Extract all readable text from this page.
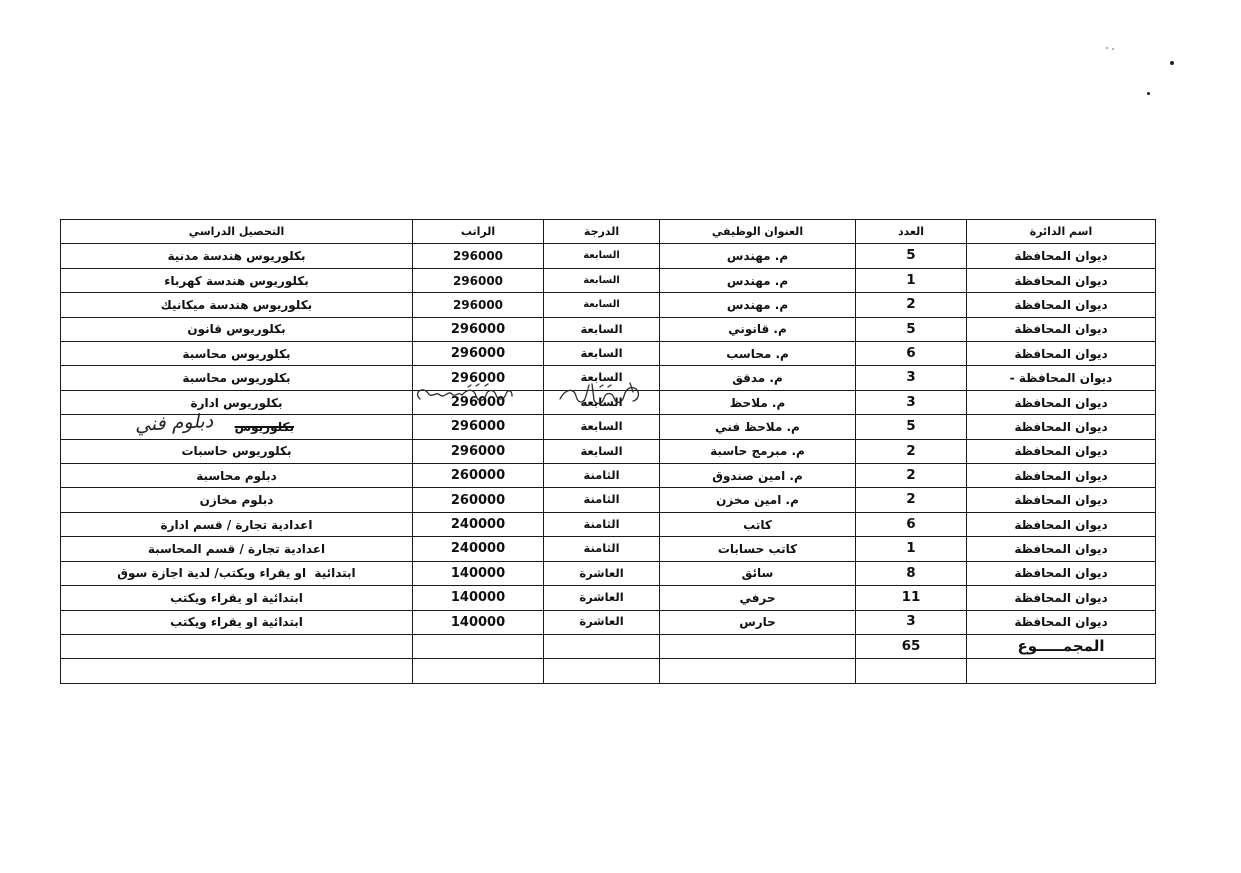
اسم الدائرة	العدد	العنوان الوظيفي	الدرجة	الراتب	التحصيل الدراسي
ديوان المحافظة	5	م. مهندس	السابعة	296000	بكلوريوس هندسة مدنية
ديوان المحافظة	1	م. مهندس	السابعة	296000	بكلوريوس هندسة كهرباء
ديوان المحافظة	2	م. مهندس	السابعة	296000	بكلوريوس هندسة ميكانيك
ديوان المحافظة	5	م. قانوني	السابعة	296000	بكلوريوس قانون
ديوان المحافظة	6	م. محاسب	السابعة	296000	بكلوريوس محاسبة
ديوان المحافظة -	3	م. مدقق	السابعة	296000	بكلوريوس محاسبة
ديوان المحافظة	3	م. ملاحظ	السابعة	296000	بكلوريوس ادارة
ديوان المحافظة	5	م. ملاحظ فني	السابعة	296000	بكلوريوس
ديوان المحافظة	2	م. مبرمج حاسبة	السابعة	296000	بكلوريوس حاسبات
ديوان المحافظة	2	م. امين صندوق	الثامنة	260000	دبلوم محاسبة
ديوان المحافظة	2	م. امين مخزن	الثامنة	260000	دبلوم مخازن
ديوان المحافظة	6	كاتب	الثامنة	240000	اعدادية تجارة / قسم ادارة
ديوان المحافظة	1	كاتب حسابات	الثامنة	240000	اعدادية تجارة / قسم المحاسبة
ديوان المحافظة	8	سائق	العاشرة	140000	ابتدائية  او يقراء ويكتب/ لدية اجازة سوق
ديوان المحافظة	11	حرفي	العاشرة	140000	ابتدائية او يقراء ويكتب
ديوان المحافظة	3	حارس	العاشرة	140000	ابتدائية او يقراء ويكتب
المجمـــــوع	65				

دبلوم فني
